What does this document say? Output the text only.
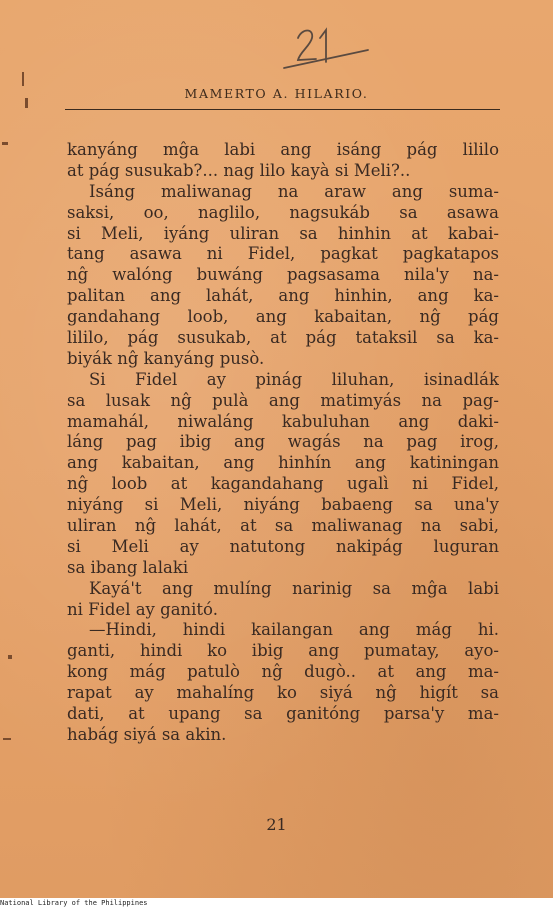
MAMERTO A. HILARIO.
kanyáng mĝa labi ang isáng pág lililo
at pág susukab?... nag lilo kayà si Meli?..
Isáng maliwanag na araw ang suma-
saksi, oo, naglilo, nagsukáb sa asawa
si Meli, iyáng uliran sa hinhin at kabai-
tang asawa ni Fidel, pagkat pagkatapos
nĝ walóng buwáng pagsasama nila'y na-
palitan ang lahát, ang hinhin, ang ka-
gandahang loob, ang kabaitan, nĝ pág
lililo, pág susukab, at pág tataksil sa ka-
biyák nĝ kanyáng pusò.
Si Fidel ay pinág liluhan, isinadlák
sa lusak nĝ pulà ang matimyás na pag-
mamahál, niwaláng kabuluhan ang daki-
láng pag ibig ang wagás na pag irog,
ang kabaitan, ang hinhín ang katiningan
nĝ loob at kagandahang ugalì ni Fidel,
niyáng si Meli, niyáng babaeng sa una'y
uliran nĝ lahát, at sa maliwanag na sabi,
si Meli ay natutong nakipág luguran
sa ibang lalaki
Kayá't ang mulíng narinig sa mĝa labi
ni Fidel ay ganitó.
—Hindi, hindi kailangan ang mág hi.
ganti, hindi ko ibig ang pumatay, ayo-
kong mág patulò nĝ dugò.. at ang ma-
rapat ay mahalíng ko siyá nĝ higít sa
dati, at upang sa ganitóng parsa'y ma-
habág siyá sa akin.
21
National Library of the Philippines
